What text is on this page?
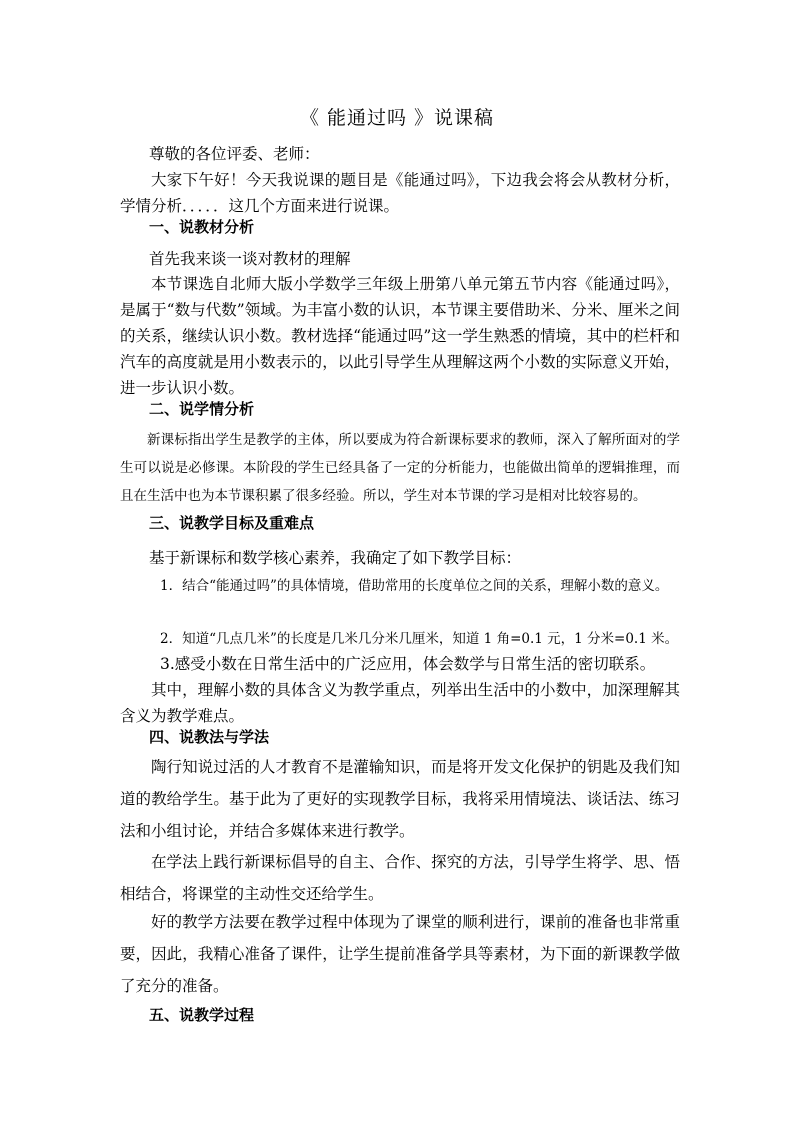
《 能通过吗 》说课稿

尊敬的各位评委、老师：

大家下午好！今天我说课的题目是《能通过吗》，下边我会将会从教材分析，学情分析．．．．．这几个方面来进行说课。

一、说教材分析

首先我来谈一谈对教材的理解

本节课选自北师大版小学数学三年级上册第八单元第五节内容《能通过吗》，是属于“数与代数”领域。为丰富小数的认识，本节课主要借助米、分米、厘米之间的关系，继续认识小数。教材选择“能通过吗”这一学生熟悉的情境，其中的栏杆和汽车的高度就是用小数表示的，以此引导学生从理解这两个小数的实际意义开始，进一步认识小数。

二、说学情分析

新课标指出学生是教学的主体，所以要成为符合新课标要求的教师，深入了解所面对的学生可以说是必修课。本阶段的学生已经具备了一定的分析能力，也能做出简单的逻辑推理，而且在生活中也为本节课积累了很多经验。所以，学生对本节课的学习是相对比较容易的。

三、说教学目标及重难点

基于新课标和数学核心素养，我确定了如下教学目标：

1．结合“能通过吗”的具体情境，借助常用的长度单位之间的关系，理解小数的意义。

2．知道“几点几米”的长度是几米几分米几厘米，知道 1 角=0.1 元，1 分米=0.1 米。

3.感受小数在日常生活中的广泛应用，体会数学与日常生活的密切联系。

其中，理解小数的具体含义为教学重点，列举出生活中的小数中，加深理解其含义为教学难点。

四、说教法与学法

陶行知说过活的人才教育不是灌输知识，而是将开发文化保护的钥匙及我们知道的教给学生。基于此为了更好的实现教学目标，我将采用情境法、谈话法、练习法和小组讨论，并结合多媒体来进行教学。

在学法上践行新课标倡导的自主、合作、探究的方法，引导学生将学、思、悟相结合，将课堂的主动性交还给学生。

好的教学方法要在教学过程中体现为了课堂的顺利进行，课前的准备也非常重要，因此，我精心准备了课件，让学生提前准备学具等素材，为下面的新课教学做了充分的准备。

五、说教学过程
